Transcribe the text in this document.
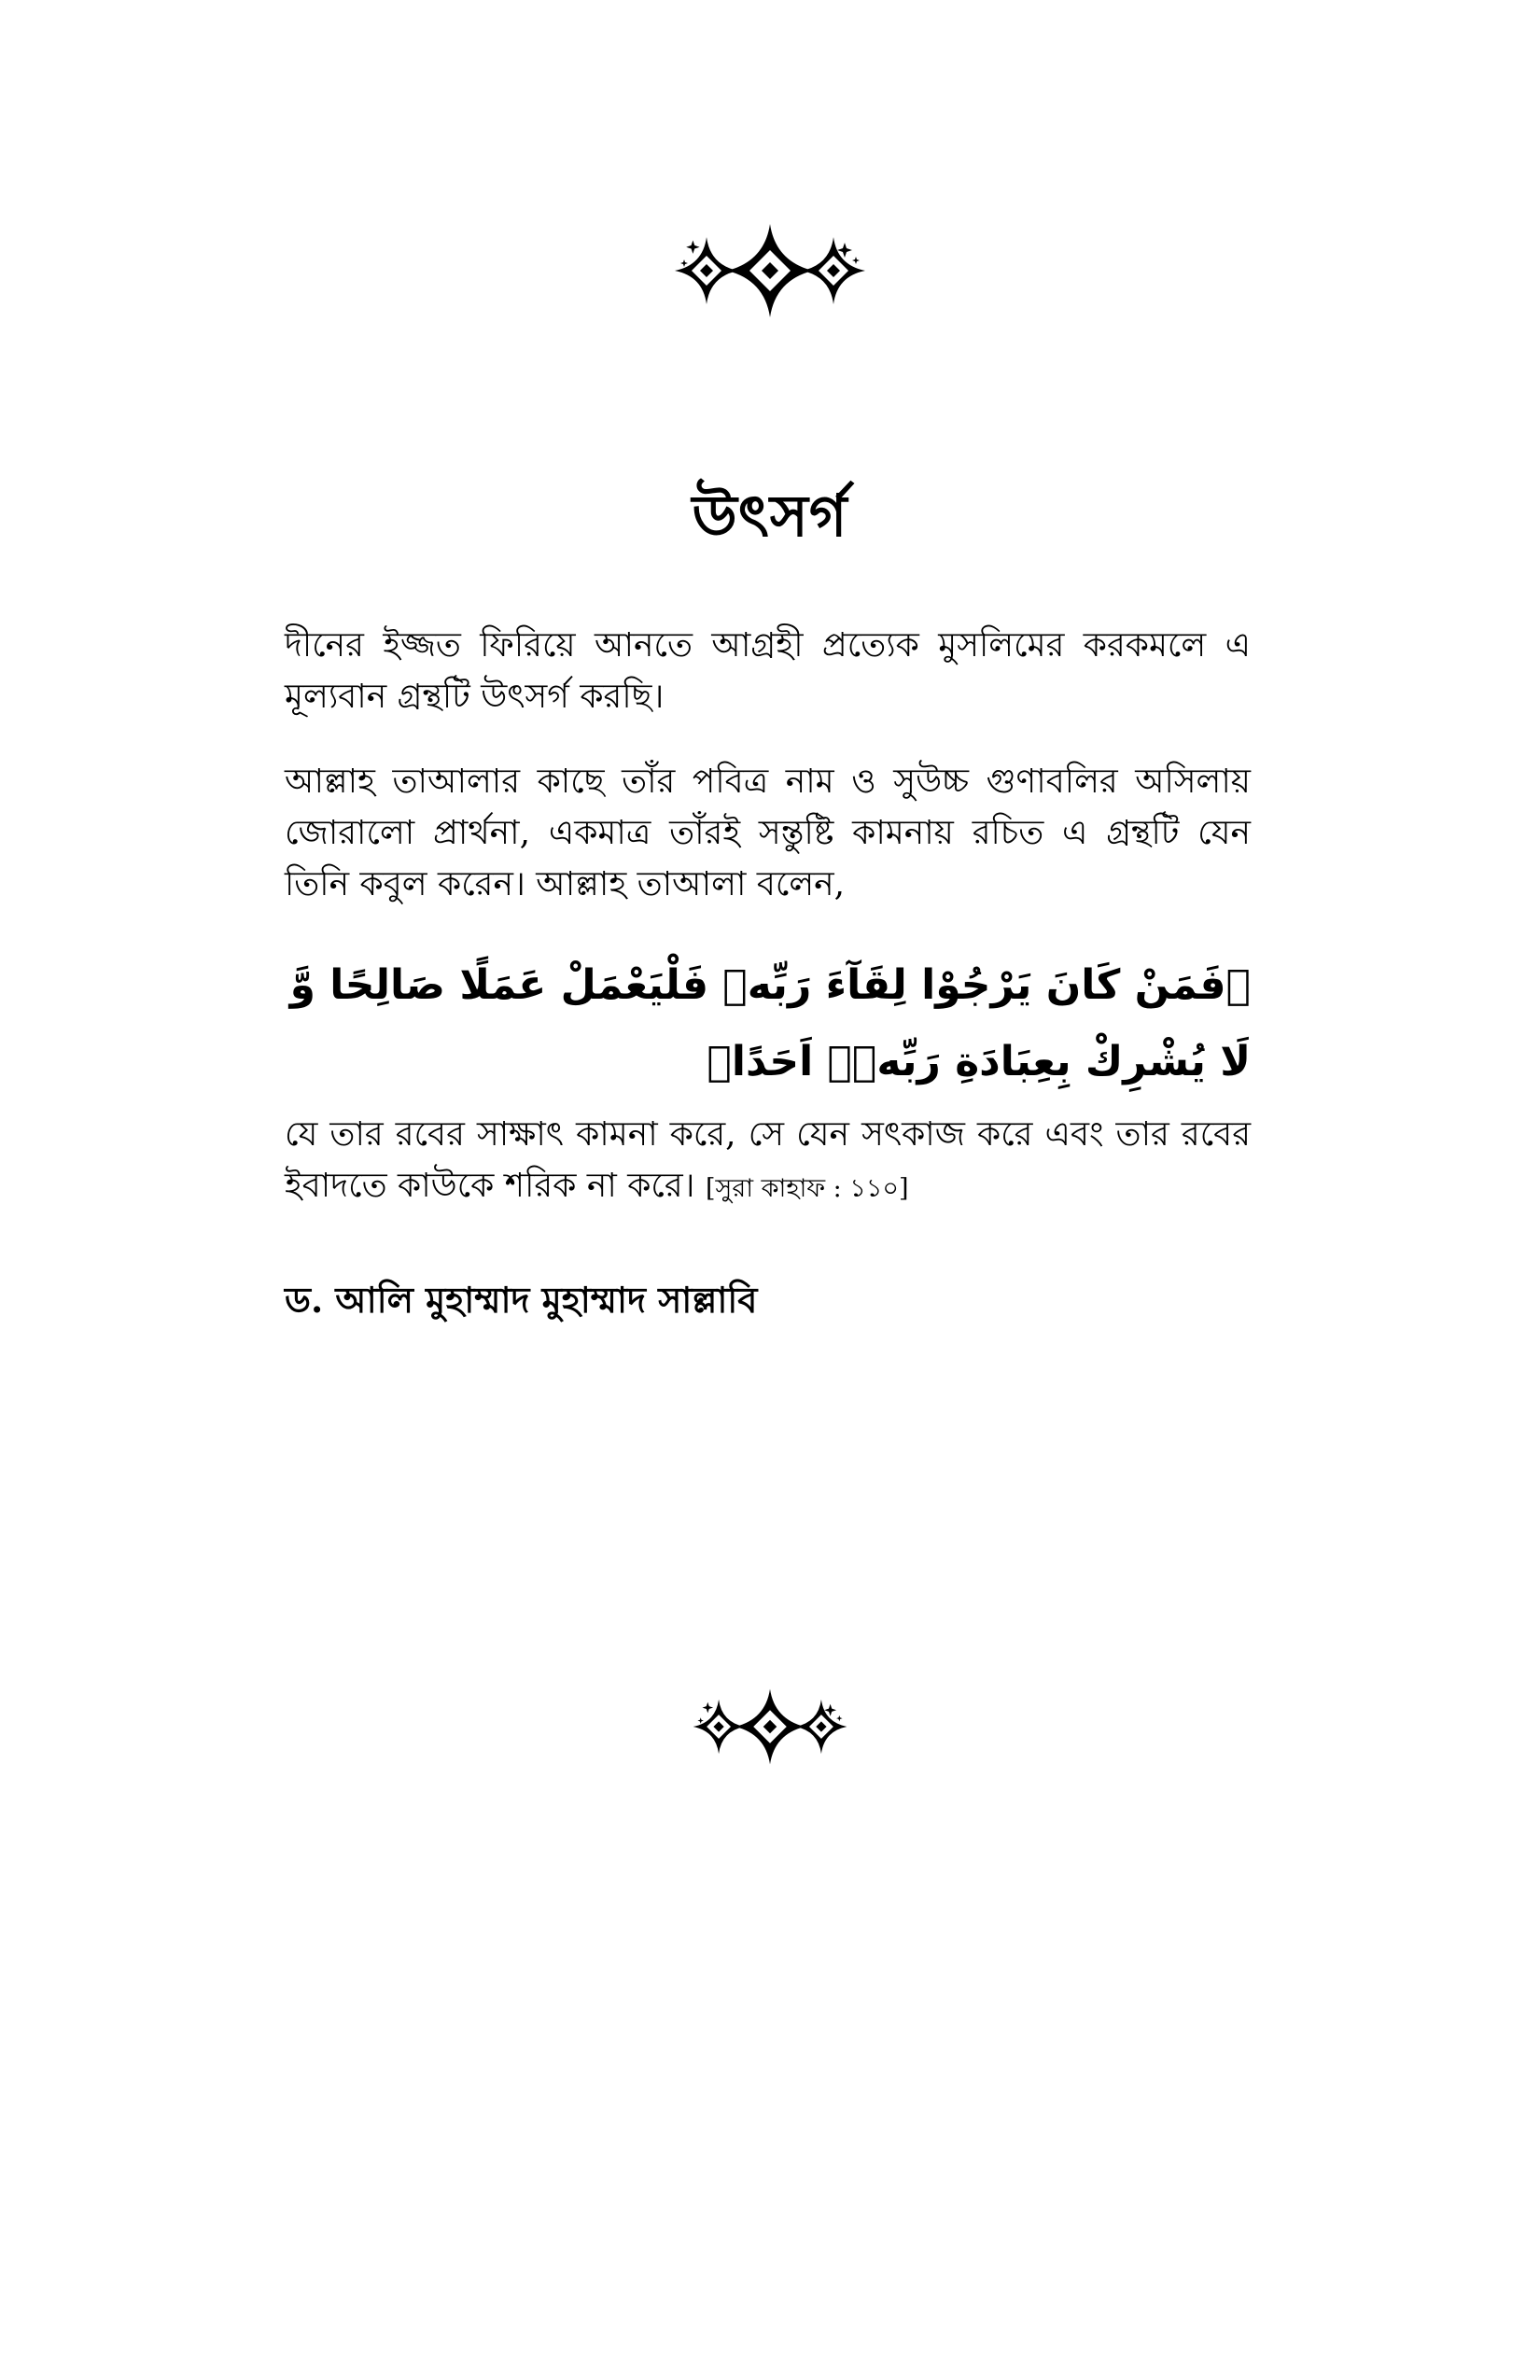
উৎসর্গ

দীনের ইজ্জত ফিরিয়ে আনতে আগ্রহী প্রত্যেক মুসলিমের করকমলে এ মূল্যবান গ্রন্থটি উৎসর্গ করছি।

আল্লাহ তাআলার কাছে তাঁর পবিত্র নাম ও সুউচ্চ গুণাবলির অসিলায় জোরালো প্রার্থনা, একমাত্র তাঁরই সন্তুষ্টি কামনায় রচিত এ গ্রন্থটি যেন তিনি কবুল করেন। আল্লাহ তাআলা বলেন,

﴿فَمَنْ كَانَ يَرْجُوْا لِقَآءَ رَبِّهٖ فَلْيَعْمَلْ عَمَلًا صَالِحًا وَّ لَا يُشْرِكْ بِعِبَادَةِ رَبِّهٖۤ اَحَدًا﴾

যে তার রবের সাক্ষাৎ কামনা করে, সে যেন সৎকাজ করে এবং তার রবের ইবাদতে কাউকে শরিক না করে। [সুরা কাহাফ : ১১০]

ড. আলি মুহাম্মাদ মুহাম্মাদ সাল্লাবি
